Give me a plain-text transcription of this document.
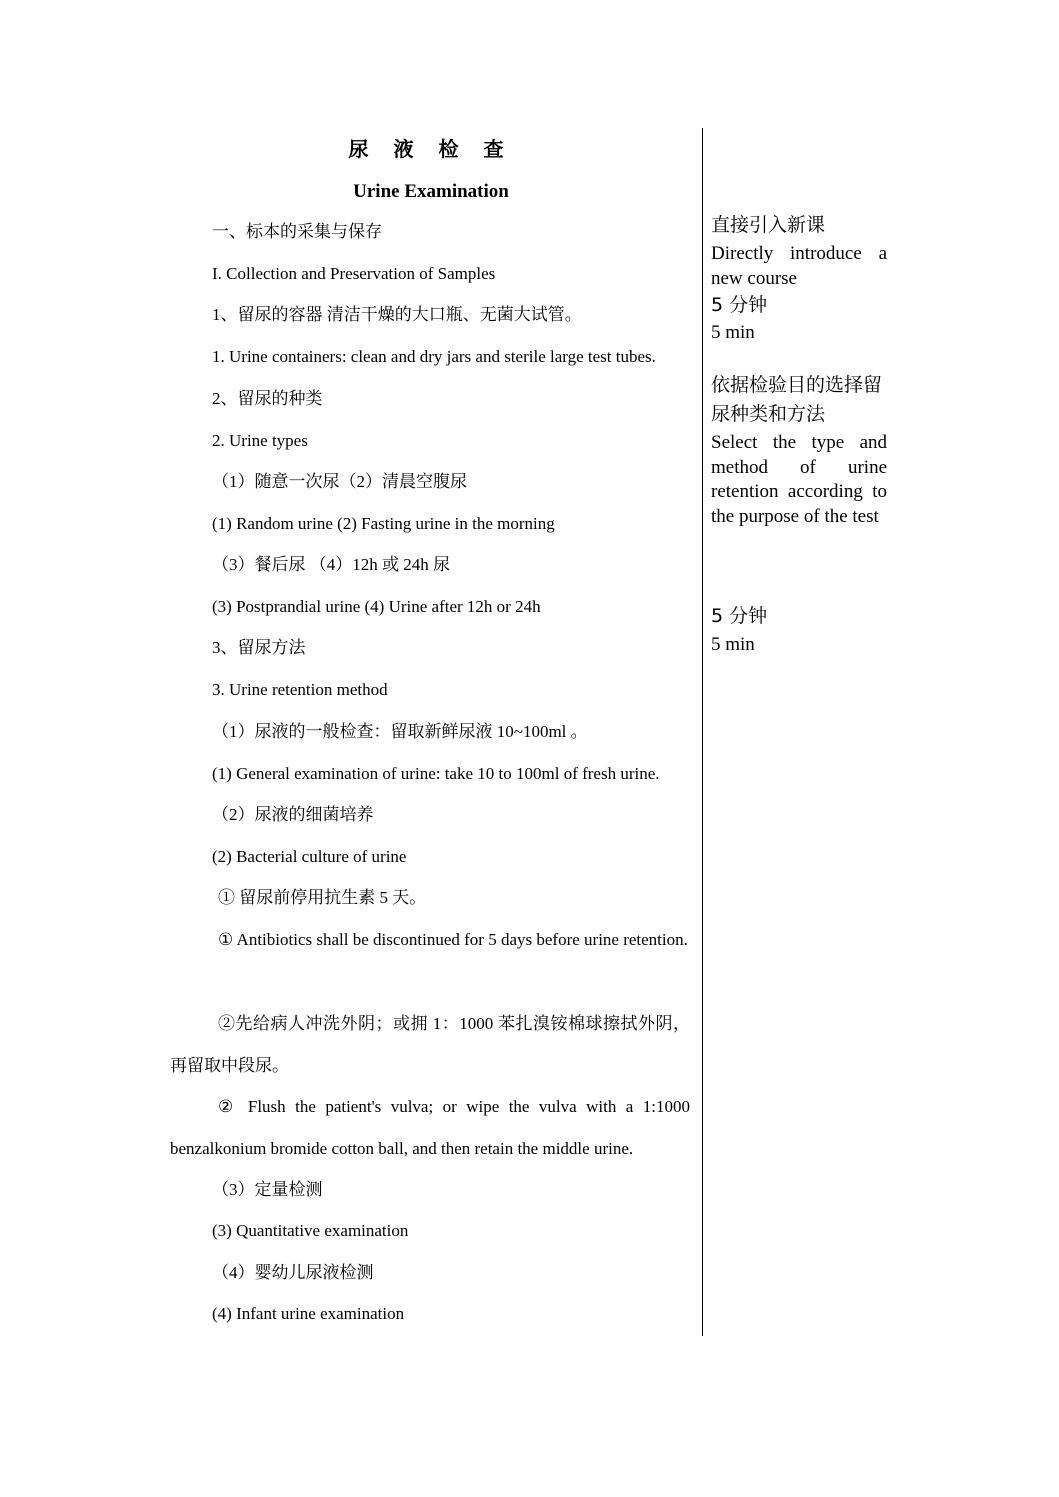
尿 液 检 查
Urine Examination
一、标本的采集与保存
I. Collection and Preservation of Samples
1、留尿的容器 清洁干燥的大口瓶、无菌大试管。
1. Urine containers: clean and dry jars and sterile large test tubes.
2、留尿的种类
2. Urine types
（1）随意一次尿（2）清晨空腹尿
(1) Random urine (2) Fasting urine in the morning
（3）餐后尿 （4）12h 或 24h 尿
(3) Postprandial urine (4) Urine after 12h or 24h
3、留尿方法
3. Urine retention method
（1）尿液的一般检查：留取新鲜尿液 10~100ml 。
(1) General examination of urine: take 10 to 100ml of fresh urine.
（2）尿液的细菌培养
(2) Bacterial culture of urine
① 留尿前停用抗生素 5 天。
① Antibiotics shall be discontinued for 5 days before urine retention.
②先给病人冲洗外阴；或拥 1：1000 苯扎溴铵棉球擦拭外阴，再留取中段尿。
② Flush the patient's vulva; or wipe the vulva with a 1:1000 benzalkonium bromide cotton ball, and then retain the middle urine.
（3）定量检测
(3) Quantitative examination
（4）婴幼儿尿液检测
(4) Infant urine examination
直接引入新课
Directly introduce a new course
5 分钟
5 min
依据检验目的选择留尿种类和方法
Select the type and method of urine retention according to the purpose of the test
5 分钟
5 min
